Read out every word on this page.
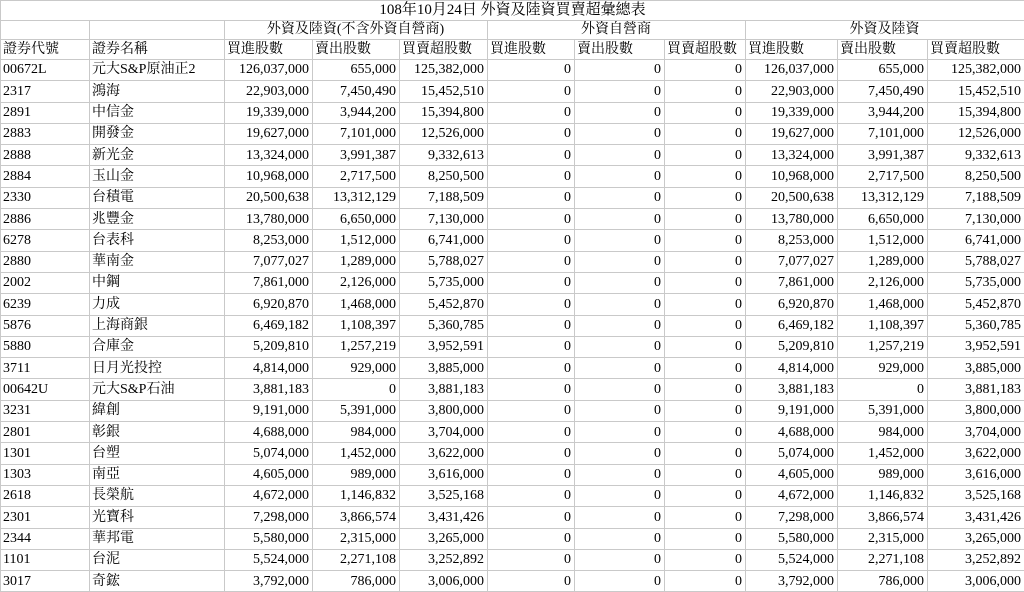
108年10月24日 外資及陸資買賣超彙總表										
		外資及陸資(不含外資自營商)			外資自營商			外資及陸資		
證券代號	證券名稱	買進股數	賣出股數	買賣超股數	買進股數	賣出股數	買賣超股數	買進股數	賣出股數	買賣超股數
00672L	元大S&P原油正2	126,037,000	655,000	125,382,000	0	0	0	126,037,000	655,000	125,382,000
2317	鴻海	22,903,000	7,450,490	15,452,510	0	0	0	22,903,000	7,450,490	15,452,510
2891	中信金	19,339,000	3,944,200	15,394,800	0	0	0	19,339,000	3,944,200	15,394,800
2883	開發金	19,627,000	7,101,000	12,526,000	0	0	0	19,627,000	7,101,000	12,526,000
2888	新光金	13,324,000	3,991,387	9,332,613	0	0	0	13,324,000	3,991,387	9,332,613
2884	玉山金	10,968,000	2,717,500	8,250,500	0	0	0	10,968,000	2,717,500	8,250,500
2330	台積電	20,500,638	13,312,129	7,188,509	0	0	0	20,500,638	13,312,129	7,188,509
2886	兆豐金	13,780,000	6,650,000	7,130,000	0	0	0	13,780,000	6,650,000	7,130,000
6278	台表科	8,253,000	1,512,000	6,741,000	0	0	0	8,253,000	1,512,000	6,741,000
2880	華南金	7,077,027	1,289,000	5,788,027	0	0	0	7,077,027	1,289,000	5,788,027
2002	中鋼	7,861,000	2,126,000	5,735,000	0	0	0	7,861,000	2,126,000	5,735,000
6239	力成	6,920,870	1,468,000	5,452,870	0	0	0	6,920,870	1,468,000	5,452,870
5876	上海商銀	6,469,182	1,108,397	5,360,785	0	0	0	6,469,182	1,108,397	5,360,785
5880	合庫金	5,209,810	1,257,219	3,952,591	0	0	0	5,209,810	1,257,219	3,952,591
3711	日月光投控	4,814,000	929,000	3,885,000	0	0	0	4,814,000	929,000	3,885,000
00642U	元大S&P石油	3,881,183	0	3,881,183	0	0	0	3,881,183	0	3,881,183
3231	緯創	9,191,000	5,391,000	3,800,000	0	0	0	9,191,000	5,391,000	3,800,000
2801	彰銀	4,688,000	984,000	3,704,000	0	0	0	4,688,000	984,000	3,704,000
1301	台塑	5,074,000	1,452,000	3,622,000	0	0	0	5,074,000	1,452,000	3,622,000
1303	南亞	4,605,000	989,000	3,616,000	0	0	0	4,605,000	989,000	3,616,000
2618	長榮航	4,672,000	1,146,832	3,525,168	0	0	0	4,672,000	1,146,832	3,525,168
2301	光寶科	7,298,000	3,866,574	3,431,426	0	0	0	7,298,000	3,866,574	3,431,426
2344	華邦電	5,580,000	2,315,000	3,265,000	0	0	0	5,580,000	2,315,000	3,265,000
1101	台泥	5,524,000	2,271,108	3,252,892	0	0	0	5,524,000	2,271,108	3,252,892
3017	奇鋐	3,792,000	786,000	3,006,000	0	0	0	3,792,000	786,000	3,006,000
